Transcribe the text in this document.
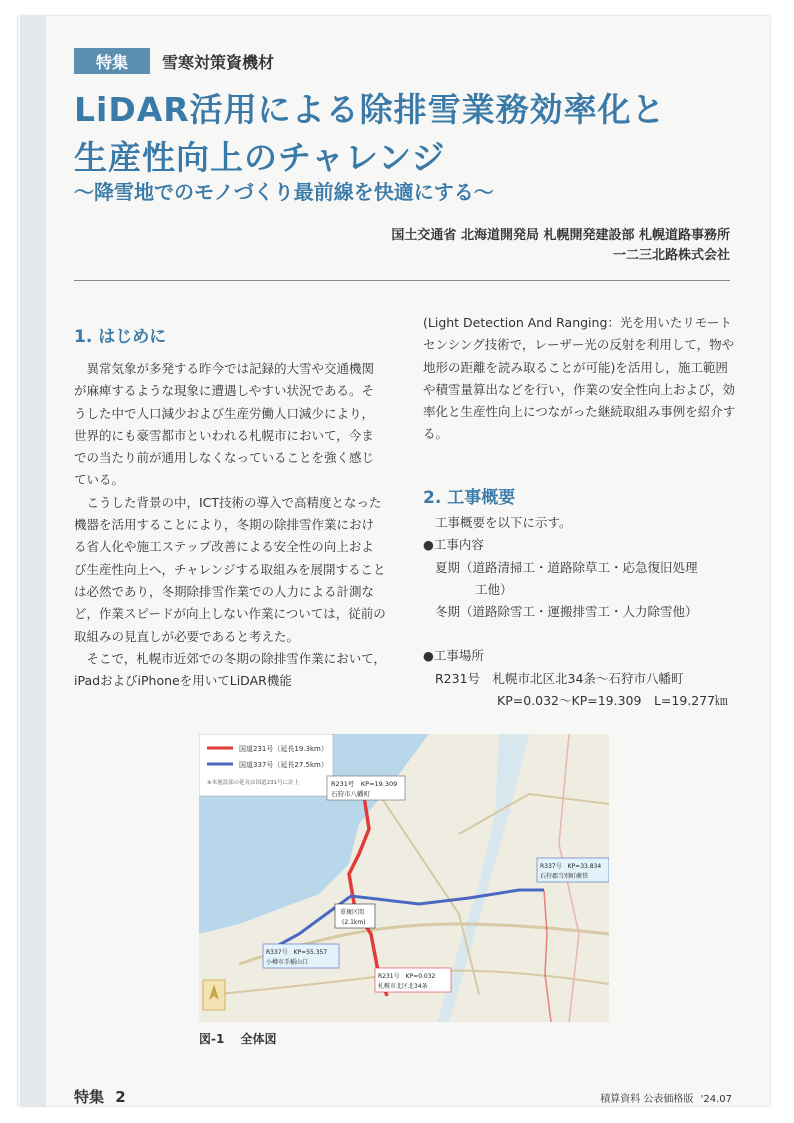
特集	雪寒対策資機材
LiDAR活用による除排雪業務効率化と
生産性向上のチャレンジ
〜降雪地でのモノづくり最前線を快適にする〜
国土交通省 北海道開発局 札幌開発建設部 札幌道路事務所
一二三北路株式会社
1. はじめに

異常気象が多発する昨今では記録的大雪や交通機関が麻痺するような現象に遭遇しやすい状況である。そうした中で人口減少および生産労働人口減少により，世界的にも豪雪都市といわれる札幌市において，今までの当たり前が通用しなくなっていることを強く感じている。

こうした背景の中，ICT技術の導入で高精度となった機器を活用することにより，冬期の除排雪作業における省人化や施工ステップ改善による安全性の向上および生産性向上へ，チャレンジする取組みを展開することは必然であり，冬期除排雪作業での人力による計測など，作業スピードが向上しない作業については，従前の取組みの見直しが必要であると考えた。

そこで，札幌市近郊での冬期の除排雪作業において，iPadおよびiPhoneを用いてLiDAR機能

(Light Detection And Ranging：光を用いたリモートセンシング技術で，レーザー光の反射を利用して，物や地形の距離を読み取ることが可能)を活用し，施工範囲や積雪量算出などを行い，作業の安全性向上および，効率化と生産性向上につながった継続取組み事例を紹介する。

2. 工事概要
工事概要を以下に示す。
●工事内容
夏期（道路清掃工・道路除草工・応急復旧処理
工他）
冬期（道路除雪工・運搬排雪工・人力除雪他）
●工事場所
R231号　札幌市北区北34条〜石狩市八幡町
KP=0.032〜KP=19.309　L=19.277㎞
国道231号（延長19.3km）
国道337号（延長27.5km）
※本施設部の延長は国道231号に計上	R231号　KP=19.309
石狩市八幡町
R337号　KP=33.834
石狩郡当別町蕨岱
重複区間
(2.1km)
R337号　KP=55.357
小樽市手稲山口
R231号　KP=0.032
札幌市北区北34条
図-1 全体図
特集 2	積算資料 公表価格版 '24.07
